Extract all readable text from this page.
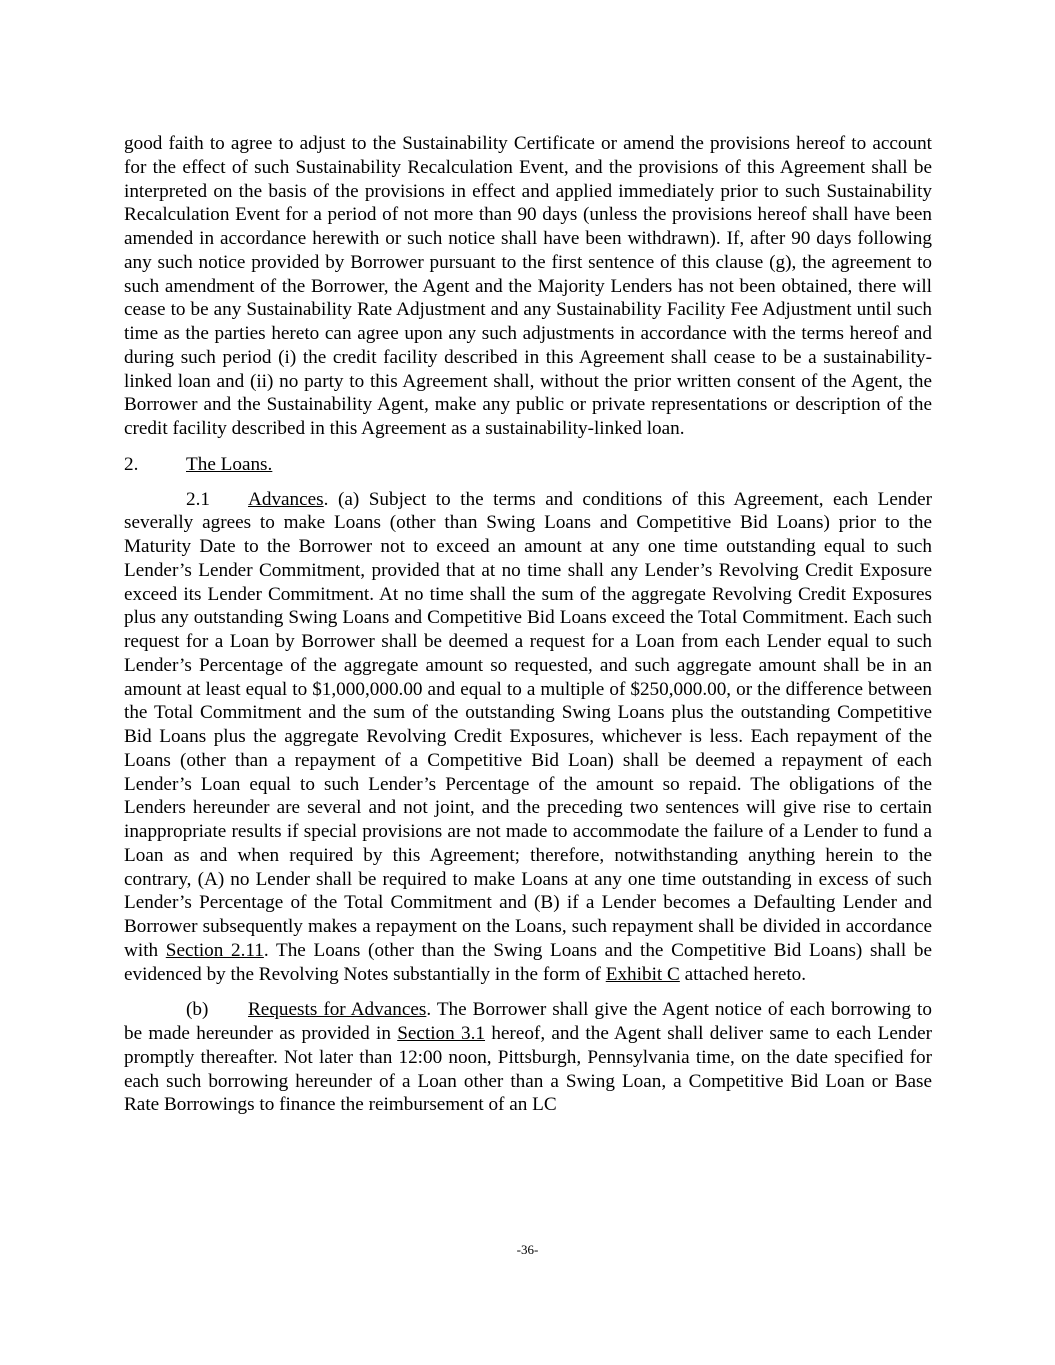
good faith to agree to adjust to the Sustainability Certificate or amend the provisions hereof to account for the effect of such Sustainability Recalculation Event, and the provisions of this Agreement shall be interpreted on the basis of the provisions in effect and applied immediately prior to such Sustainability Recalculation Event for a period of not more than 90 days (unless the provisions hereof shall have been amended in accordance herewith or such notice shall have been withdrawn). If, after 90 days following any such notice provided by Borrower pursuant to the first sentence of this clause (g), the agreement to such amendment of the Borrower, the Agent and the Majority Lenders has not been obtained, there will cease to be any Sustainability Rate Adjustment and any Sustainability Facility Fee Adjustment until such time as the parties hereto can agree upon any such adjustments in accordance with the terms hereof and during such period (i) the credit facility described in this Agreement shall cease to be a sustainability-linked loan and (ii) no party to this Agreement shall, without the prior written consent of the Agent, the Borrower and the Sustainability Agent, make any public or private representations or description of the credit facility described in this Agreement as a sustainability-linked loan.

2. The Loans.

2.1 Advances. (a) Subject to the terms and conditions of this Agreement, each Lender severally agrees to make Loans (other than Swing Loans and Competitive Bid Loans) prior to the Maturity Date to the Borrower not to exceed an amount at any one time outstanding equal to such Lender’s Lender Commitment, provided that at no time shall any Lender’s Revolving Credit Exposure exceed its Lender Commitment. At no time shall the sum of the aggregate Revolving Credit Exposures plus any outstanding Swing Loans and Competitive Bid Loans exceed the Total Commitment. Each such request for a Loan by Borrower shall be deemed a request for a Loan from each Lender equal to such Lender’s Percentage of the aggregate amount so requested, and such aggregate amount shall be in an amount at least equal to $1,000,000.00 and equal to a multiple of $250,000.00, or the difference between the Total Commitment and the sum of the outstanding Swing Loans plus the outstanding Competitive Bid Loans plus the aggregate Revolving Credit Exposures, whichever is less. Each repayment of the Loans (other than a repayment of a Competitive Bid Loan) shall be deemed a repayment of each Lender’s Loan equal to such Lender’s Percentage of the amount so repaid. The obligations of the Lenders hereunder are several and not joint, and the preceding two sentences will give rise to certain inappropriate results if special provisions are not made to accommodate the failure of a Lender to fund a Loan as and when required by this Agreement; therefore, notwithstanding anything herein to the contrary, (A) no Lender shall be required to make Loans at any one time outstanding in excess of such Lender’s Percentage of the Total Commitment and (B) if a Lender becomes a Defaulting Lender and Borrower subsequently makes a repayment on the Loans, such repayment shall be divided in accordance with Section 2.11. The Loans (other than the Swing Loans and the Competitive Bid Loans) shall be evidenced by the Revolving Notes substantially in the form of Exhibit C attached hereto.

(b) Requests for Advances. The Borrower shall give the Agent notice of each borrowing to be made hereunder as provided in Section 3.1 hereof, and the Agent shall deliver same to each Lender promptly thereafter. Not later than 12:00 noon, Pittsburgh, Pennsylvania time, on the date specified for each such borrowing hereunder of a Loan other than a Swing Loan, a Competitive Bid Loan or Base Rate Borrowings to finance the reimbursement of an LC

-36-
